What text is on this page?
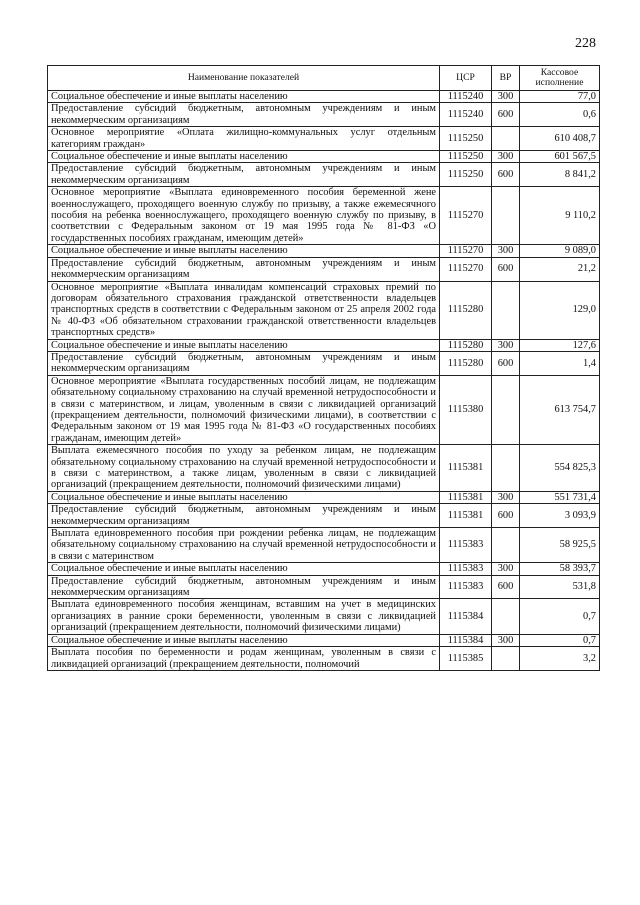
228
Наименование показателей	ЦСР	ВР	Кассовое исполнение
Социальное обеспечение и иные выплаты населению	1115240	300	77,0
Предоставление субсидий бюджетным, автономным учреждениям и иным некоммерческим организациям	1115240	600	0,6
Основное мероприятие «Оплата жилищно-коммунальных услуг отдельным категориям граждан»	1115250		610 408,7
Социальное обеспечение и иные выплаты населению	1115250	300	601 567,5
Предоставление субсидий бюджетным, автономным учреждениям и иным некоммерческим организациям	1115250	600	8 841,2
Основное мероприятие «Выплата единовременного пособия беременной жене военнослужащего, проходящего военную службу по призыву, а также ежемесячного пособия на ребенка военнослужащего, проходящего военную службу по призыву, в соответствии с Федеральным законом от 19 мая 1995 года № 81-ФЗ «О государственных пособиях гражданам, имеющим детей»	1115270		9 110,2
Социальное обеспечение и иные выплаты населению	1115270	300	9 089,0
Предоставление субсидий бюджетным, автономным учреждениям и иным некоммерческим организациям	1115270	600	21,2
Основное мероприятие «Выплата инвалидам компенсаций страховых премий по договорам обязательного страхования гражданской ответственности владельцев транспортных средств в соответствии с Федеральным законом от 25 апреля 2002 года № 40-ФЗ «Об обязательном страховании гражданской ответственности владельцев транспортных средств»	1115280		129,0
Социальное обеспечение и иные выплаты населению	1115280	300	127,6
Предоставление субсидий бюджетным, автономным учреждениям и иным некоммерческим организациям	1115280	600	1,4
Основное мероприятие «Выплата государственных пособий лицам, не подлежащим обязательному социальному страхованию на случай временной нетрудоспособности и в связи с материнством, и лицам, уволенным в связи с ликвидацией организаций (прекращением деятельности, полномочий физическими лицами), в соответствии с Федеральным законом от 19 мая 1995 года № 81-ФЗ «О государственных пособиях гражданам, имеющим детей»	1115380		613 754,7
Выплата ежемесячного пособия по уходу за ребенком лицам, не подлежащим обязательному социальному страхованию на случай временной нетрудоспособности и в связи с материнством, а также лицам, уволенным в связи с ликвидацией организаций (прекращением деятельности, полномочий физическими лицами)	1115381		554 825,3
Социальное обеспечение и иные выплаты населению	1115381	300	551 731,4
Предоставление субсидий бюджетным, автономным учреждениям и иным некоммерческим организациям	1115381	600	3 093,9
Выплата единовременного пособия при рождении ребенка лицам, не подлежащим обязательному социальному страхованию на случай временной нетрудоспособности и в связи с материнством	1115383		58 925,5
Социальное обеспечение и иные выплаты населению	1115383	300	58 393,7
Предоставление субсидий бюджетным, автономным учреждениям и иным некоммерческим организациям	1115383	600	531,8
Выплата единовременного пособия женщинам, вставшим на учет в медицинских организациях в ранние сроки беременности, уволенным в связи с ликвидацией организаций (прекращением деятельности, полномочий физическими лицами)	1115384		0,7
Социальное обеспечение и иные выплаты населению	1115384	300	0,7
Выплата пособия по беременности и родам женщинам, уволенным в связи с ликвидацией организаций (прекращением деятельности, полномочий	1115385		3,2
